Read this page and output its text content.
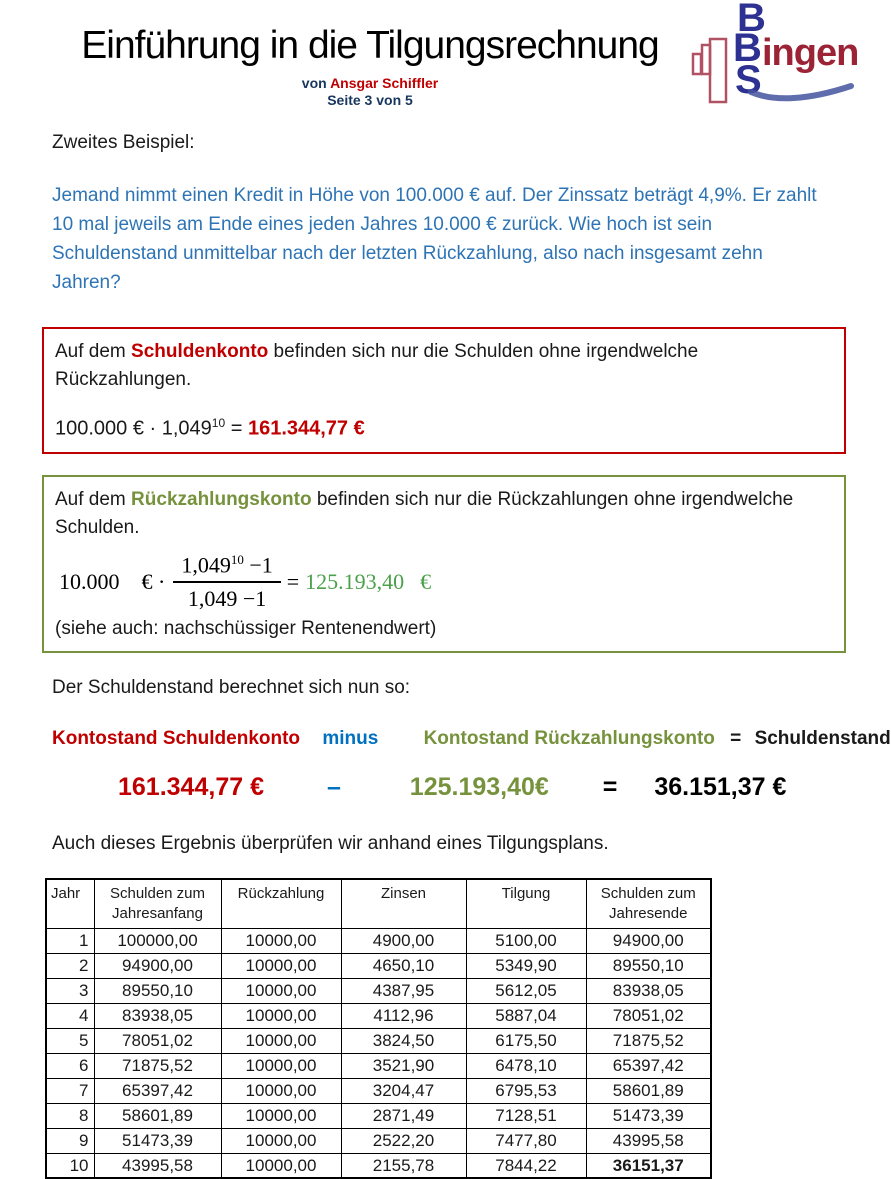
Einführung in die Tilgungsrechnung
von Ansgar Schiffler
Seite 3 von 5
B
B
S
ingen
Zweites Beispiel:

Jemand nimmt einen Kredit in Höhe von 100.000 € auf. Der Zinssatz beträgt 4,9%. Er zahlt 10 mal jeweils am Ende eines jeden Jahres 10.000 € zurück. Wie hoch ist sein Schuldenstand unmittelbar nach der letzten Rückzahlung, also nach insgesamt zehn Jahren?

Auf dem Schuldenkonto befinden sich nur die Schulden ohne irgendwelche Rückzahlungen.

100.000 € · $1,049^{10} = 161.344,77$ €

Auf dem Rückzahlungskonto befinden sich nur die Rückzahlungen ohne irgendwelche Schulden.

10.000 € · $\frac{1,049^{10} -1}{1,049 -1} = 125.193,40$ €

(siehe auch: nachschüssiger Rentenendwert)

Der Schuldenstand berechnet sich nun so:
Kontostand Schuldenkonto minus Kontostand Rückzahlungskonto = Schuldenstand
161.344,77 €	–	125.193,40€ = 36.151,37 €
Auch dieses Ergebnis überprüfen wir anhand eines Tilgungsplans.
Jahr	Schulden zum Jahresanfang	Rückzahlung	Zinsen	Tilgung	Schulden zum Jahresende
1	100000,00	10000,00	4900,00	5100,00	94900,00
2	94900,00	10000,00	4650,10	5349,90	89550,10
3	89550,10	10000,00	4387,95	5612,05	83938,05
4	83938,05	10000,00	4112,96	5887,04	78051,02
5	78051,02	10000,00	3824,50	6175,50	71875,52
6	71875,52	10000,00	3521,90	6478,10	65397,42
7	65397,42	10000,00	3204,47	6795,53	58601,89
8	58601,89	10000,00	2871,49	7128,51	51473,39
9	51473,39	10000,00	2522,20	7477,80	43995,58
10	43995,58	10000,00	2155,78	7844,22	36151,37
